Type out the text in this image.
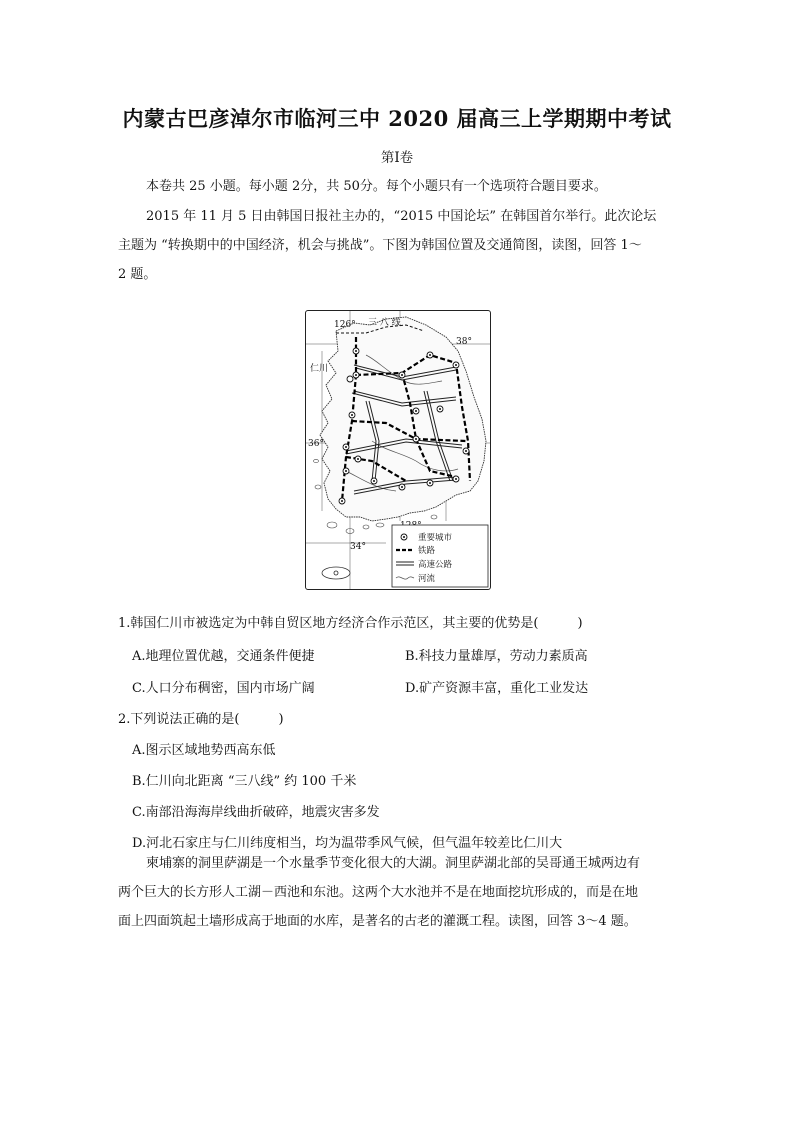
内蒙古巴彦淖尔市临河三中 2020 届高三上学期期中考试
第Ⅰ卷
本卷共 25 小题。每小题 2分，共 50分。每个小题只有一个选项符合题目要求。
2015 年 11 月 5 日由韩国日报社主办的，“2015 中国论坛” 在韩国首尔举行。此次论坛
主题为 “转换期中的中国经济，机会与挑战”。下图为韩国位置及交通简图，读图，回答 1～
2 题。
126° 三 八 线
38°
仁川
36°
34°
重要城市
铁路
高速公路
河流
1.韩国仁川市被选定为中韩自贸区地方经济合作示范区，其主要的优势是(　　　)
A.地理位置优越，交通条件便捷	B.科技力量雄厚，劳动力素质高
C.人口分布稠密，国内市场广阔	D.矿产资源丰富，重化工业发达
2.下列说法正确的是(　　　)
A.图示区域地势西高东低
B.仁川向北距离 “三八线” 约 100 千米
C.南部沿海海岸线曲折破碎，地震灾害多发
D.河北石家庄与仁川纬度相当，均为温带季风气候，但气温年较差比仁川大
柬埔寨的洞里萨湖是一个水量季节变化很大的大湖。洞里萨湖北部的吴哥通王城两边有
两个巨大的长方形人工湖－西池和东池。这两个大水池并不是在地面挖坑形成的，而是在地
面上四面筑起土墙形成高于地面的水库，是著名的古老的灌溉工程。读图，回答 3～4 题。
